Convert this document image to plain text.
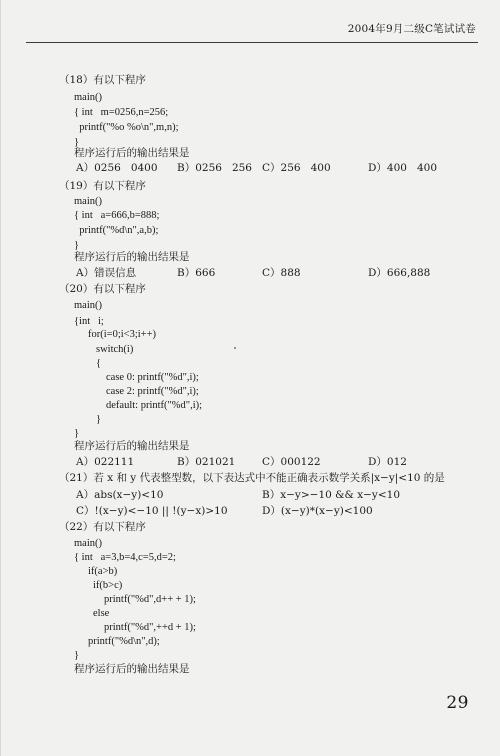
2004年9月二级C笔试试卷
（18）有以下程序
main()
{ int   m=0256,n=256;
printf("%o %o\n",m,n);
}
程序运行后的输出结果是
A）0256   0400 B）0256   256 C）256   400	D）400   400
（19）有以下程序
main()
{ int   a=666,b=888;
printf("%d\n",a,b);
}
程序运行后的输出结果是
A）错误信息	B）666	C）888	D）666,888
（20）有以下程序
main()
{int   i;
for(i=0;i<3;i++)
switch(i)
{
case 0: printf("%d",i);
case 2: printf("%d",i);
default: printf("%d",i);
}
}
程序运行后的输出结果是
A）022111	B）021021	C）000122	D）012
（21）若 x 和 y 代表整型数，以下表达式中不能正确表示数学关系|x−y|<10 的是
A）abs(x−y)<10	B）x−y>−10 && x−y<10
C）!(x−y)<−10 || !(y−x)>10	D）(x−y)*(x−y)<100
（22）有以下程序
main()
{ int   a=3,b=4,c=5,d=2;
if(a>b)
if(b>c)
printf("%d",d++ + 1);
else
printf("%d",++d + 1);
printf("%d\n",d);
}
程序运行后的输出结果是
29
